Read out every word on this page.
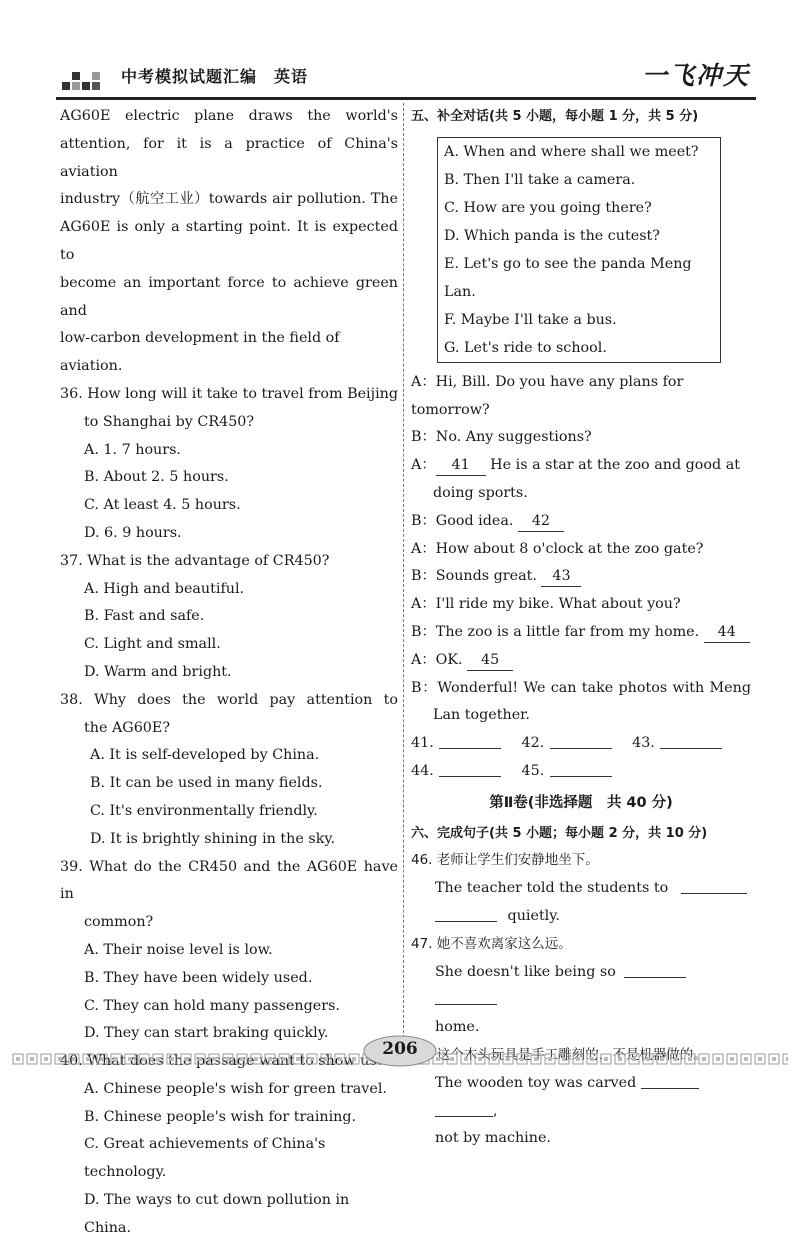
中考模拟试题汇编　英语	一飞冲天

AG60E electric plane draws the world's

attention, for it is a practice of China's aviation

industry（航空工业）towards air pollution. The

AG60E is only a starting point. It is expected to

become an important force to achieve green and

low-carbon development in the field of aviation.

36. How long will it take to travel from Beijing

to Shanghai by CR450?

A. 1. 7 hours.

B. About 2. 5 hours.

C. At least 4. 5 hours.

D. 6. 9 hours.

37. What is the advantage of CR450?

A. High and beautiful.

B. Fast and safe.

C. Light and small.

D. Warm and bright.

38. Why does the world pay attention to

the AG60E?

A. It is self-developed by China.

B. It can be used in many fields.

C. It's environmentally friendly.

D. It is brightly shining in the sky.

39. What do the CR450 and the AG60E have in

common?

A. Their noise level is low.

B. They have been widely used.

C. They can hold many passengers.

D. They can start braking quickly.

A. Chinese people's wish for green travel.

B. Chinese people's wish for training.

C. Great achievements of China's technology.

D. The ways to cut down pollution in China.

五、补全对话(共 5 小题，每小题 1 分，共 5 分)

A. When and where shall we meet?

B. Then I'll take a camera.

C. How are you going there?

D. Which panda is the cutest?

E. Let's go to see the panda Meng Lan.

F. Maybe I'll take a bus.

G. Let's ride to school.

A：Hi, Bill. Do you have any plans for tomorrow?

B：No. Any suggestions?

A： 41 He is a star at the zoo and good at

doing sports.

B：Good idea. 42

A：How about 8 o'clock at the zoo gate?

B：Sounds great. 43

A：I'll ride my bike. What about you?

B：The zoo is a little far from my home. 44

A：OK. 45

B：Wonderful! We can take photos with Meng

Lan together.

41.	42.	43.

44.	45.

第Ⅱ卷(非选择题　共 40 分)

六、完成句子(共 5 小题；每小题 2 分，共 10 分)

46. 老师让学生们安静地坐下。

The teacher told the students to

quietly.

47. 她不喜欢离家这么远。

She doesn't like being so

home.

The wooden toy was carved  ,

not by machine.

206
